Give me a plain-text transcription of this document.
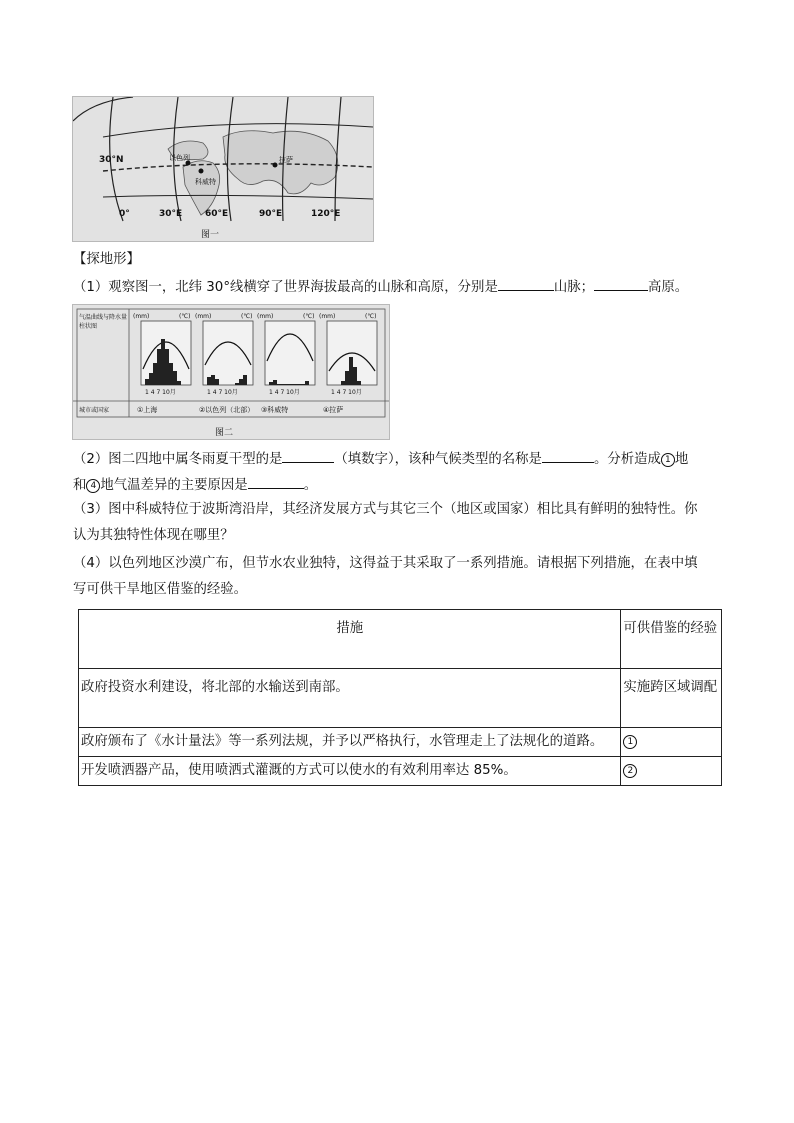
30°N	以色列
科威特
拉萨
0°	30°E	60°E	90°E	120°E
图一
【探地形】
（1）观察图一，北纬 30°线横穿了世界海拔最高的山脉和高原，分别是	山脉；	高原。
气温曲线与降水量柱状图
城市或国家
(mm)	(℃) (mm)	(℃) (mm)	(℃) (mm)	(℃)
1 4 7 10月	1 4 7 10月	1 4 7 10月	1 4 7 10月
①上海	②以色列（北部） ③科威特	④拉萨
图二
（2）图二四地中属冬雨夏干型的是	（填数字），该种气候类型的名称是	。分析造成 1 地
和 4 地气温差异的主要原因是	。
（3）图中科威特位于波斯湾沿岸，其经济发展方式与其它三个（地区或国家）相比具有鲜明的独特性。你
认为其独特性体现在哪里？
（4）以色列地区沙漠广布，但节水农业独特，这得益于其采取了一系列措施。请根据下列措施，在表中填
写可供干旱地区借鉴的经验。
措施	可供借鉴的经验
政府投资水利建设，将北部的水输送到南部。	实施跨区域调配
政府颁布了《水计量法》等一系列法规，并予以严格执行，水管理走上了法规化的道路。	1
开发喷洒器产品，使用喷洒式灌溉的方式可以使水的有效利用率达 85%。	2
